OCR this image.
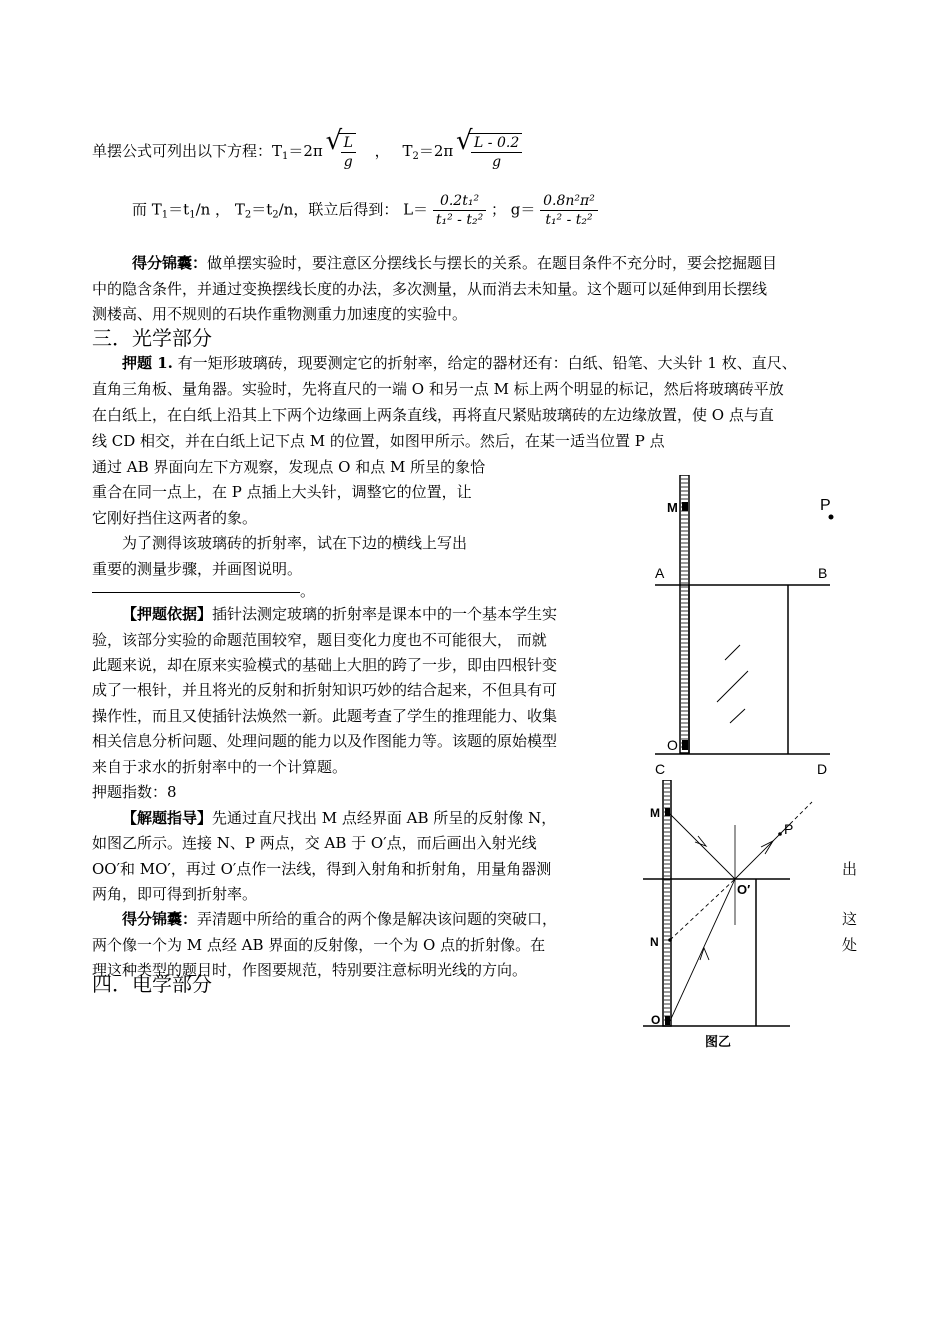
单摆公式可列出以下方程：$T_1=2\pi$ √ $\frac{L}{g}$ ， $T_2=2\pi$ √ $\frac{L - 0.2}{g}$
而 $T_1=t_1/n$ ， $T_2=t_2/n$，联立后得到： $L= \frac{\text{0.2t₁²}}{\text{t₁² - t₂²}}$ ； $g= \frac{\text{0.8n²π²}}{\text{t₁² - t₂²}}$
得分锦囊：做单摆实验时，要注意区分摆线长与摆长的关系。在题目条件不充分时，要会挖掘题目
中的隐含条件，并通过变换摆线长度的办法，多次测量，从而消去未知量。这个题可以延伸到用长摆线
测楼高、用不规则的石块作重物测重力加速度的实验中。
三．光学部分
押题 1. 有一矩形玻璃砖，现要测定它的折射率，给定的器材还有：白纸、铅笔、大头针 1 枚、直尺、
直角三角板、量角器。实验时，先将直尺的一端 O 和另一点 M 标上两个明显的标记，然后将玻璃砖平放
在白纸上，在白纸上沿其上下两个边缘画上两条直线，再将直尺紧贴玻璃砖的左边缘放置，使 O 点与直
线 CD 相交，并在白纸上记下点 M 的位置，如图甲所示。然后，在某一适当位置 P 点
通过 AB 界面向左下方观察，发现点 O 和点 M 所呈的象恰
重合在同一点上，在 P 点插上大头针，调整它的位置，让
它刚好挡住这两者的象。
为了测得该玻璃砖的折射率，试在下边的横线上写出
重要的测量步骤，并画图说明。
。
【押题依据】插针法测定玻璃的折射率是课本中的一个基本学生实
验，该部分实验的命题范围较窄，题目变化力度也不可能很大， 而就
此题来说，却在原来实验模式的基础上大胆的跨了一步，即由四根针变
成了一根针，并且将光的反射和折射知识巧妙的结合起来，不但具有可
操作性，而且又使插针法焕然一新。此题考查了学生的推理能力、收集
相关信息分析问题、处理问题的能力以及作图能力等。该题的原始模型
来自于求水的折射率中的一个计算题。
押题指数：8
【解题指导】先通过直尺找出 M 点经界面 AB 所呈的反射像 N，
如图乙所示。连接 N、P 两点，交 AB 于 O′点，而后画出入射光线
OO′和 MO′，再过 O′点作一法线，得到入射角和折射角，用量角器测	出
两角，即可得到折射率。
得分锦囊：弄清题中所给的重合的两个像是解决该问题的突破口，	这
两个像一个为 M 点经 AB 界面的反射像，一个为 O 点的折射像。在	处
理这种类型的题目时，作图要规范，特别要注意标明光线的方向。
四．电学部分
M	P
A	B
O
C	D
M
P
N
O′
O
图乙
